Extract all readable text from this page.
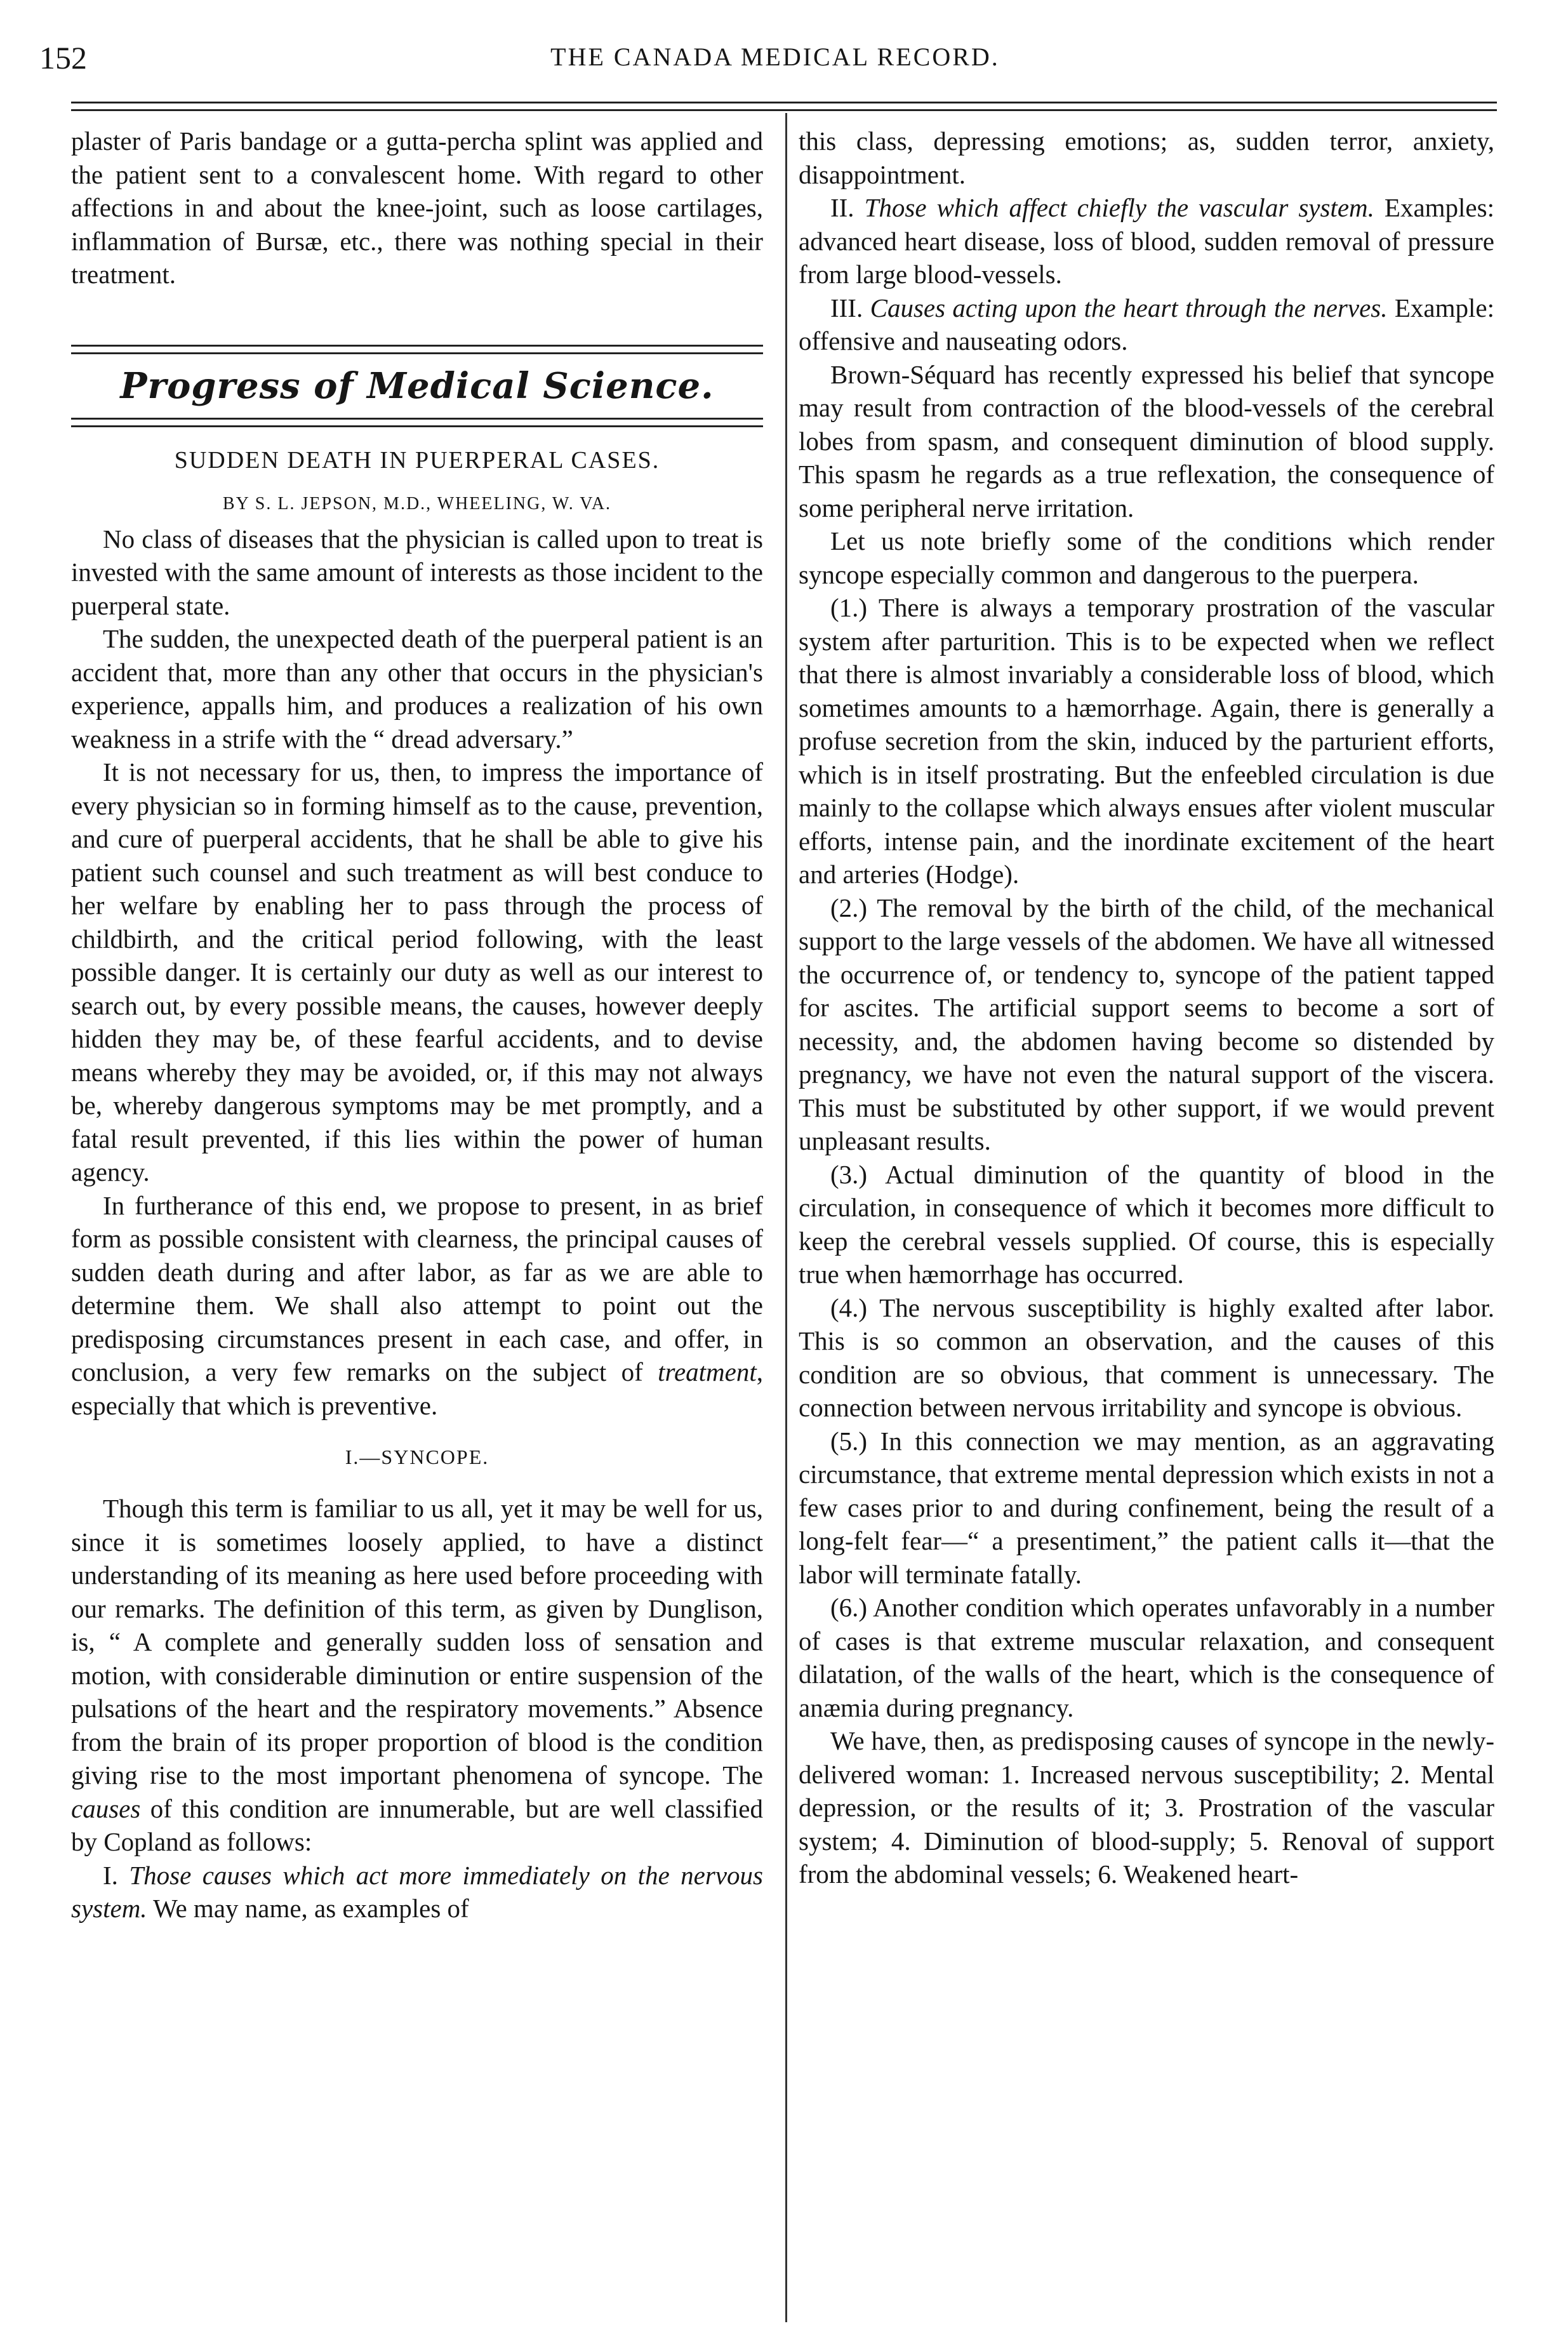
152	THE CANADA MEDICAL RECORD.

plaster of Paris bandage or a gutta-percha splint was applied and the patient sent to a convalescent home. With regard to other affections in and about the knee-joint, such as loose cartilages, inflammation of Bursæ, etc., there was nothing special in their treatment.

Progress of Medical Science.
SUDDEN DEATH IN PUERPERAL CASES.
BY S. L. JEPSON, M.D., WHEELING, W. VA.

No class of diseases that the physician is called upon to treat is invested with the same amount of interests as those incident to the puerperal state.

The sudden, the unexpected death of the puerperal patient is an accident that, more than any other that occurs in the physician's experience, appalls him, and produces a realization of his own weakness in a strife with the “ dread adversary.”

It is not necessary for us, then, to impress the importance of every physician so in forming himself as to the cause, prevention, and cure of puerperal accidents, that he shall be able to give his patient such counsel and such treatment as will best conduce to her welfare by enabling her to pass through the process of childbirth, and the critical period following, with the least possible danger. It is certainly our duty as well as our interest to search out, by every possible means, the causes, however deeply hidden they may be, of these fearful accidents, and to devise means whereby they may be avoided, or, if this may not always be, whereby dangerous symptoms may be met promptly, and a fatal result prevented, if this lies within the power of human agency.

In furtherance of this end, we propose to present, in as brief form as possible consistent with clearness, the principal causes of sudden death during and after labor, as far as we are able to determine them. We shall also attempt to point out the predisposing circumstances present in each case, and offer, in conclusion, a very few remarks on the subject of treatment, especially that which is preventive.

I.—SYNCOPE.

Though this term is familiar to us all, yet it may be well for us, since it is sometimes loosely applied, to have a distinct understanding of its meaning as here used before proceeding with our remarks. The definition of this term, as given by Dunglison, is, “ A complete and generally sudden loss of sensation and motion, with considerable diminution or entire suspension of the pulsations of the heart and the respiratory movements.” Absence from the brain of its proper proportion of blood is the condition giving rise to the most important phenomena of syncope. The causes of this condition are innumerable, but are well classified by Copland as follows:

I. Those causes which act more immediately on the nervous system. We may name, as examples of

this class, depressing emotions; as, sudden terror, anxiety, disappointment.

II. Those which affect chiefly the vascular system. Examples: advanced heart disease, loss of blood, sudden removal of pressure from large blood-vessels.

III. Causes acting upon the heart through the nerves. Example: offensive and nauseating odors.

Brown-Séquard has recently expressed his belief that syncope may result from contraction of the blood-vessels of the cerebral lobes from spasm, and consequent diminution of blood supply. This spasm he regards as a true reflexation, the consequence of some peripheral nerve irritation.

Let us note briefly some of the conditions which render syncope especially common and dangerous to the puerpera.

(1.) There is always a temporary prostration of the vascular system after parturition. This is to be expected when we reflect that there is almost invariably a considerable loss of blood, which sometimes amounts to a hæmorrhage. Again, there is generally a profuse secretion from the skin, induced by the parturient efforts, which is in itself prostrating. But the enfeebled circulation is due mainly to the collapse which always ensues after violent muscular efforts, intense pain, and the inordinate excitement of the heart and arteries (Hodge).

(2.) The removal by the birth of the child, of the mechanical support to the large vessels of the abdomen. We have all witnessed the occurrence of, or tendency to, syncope of the patient tapped for ascites. The artificial support seems to become a sort of necessity, and, the abdomen having become so distended by pregnancy, we have not even the natural support of the viscera. This must be substituted by other support, if we would prevent unpleasant results.

(3.) Actual diminution of the quantity of blood in the circulation, in consequence of which it becomes more difficult to keep the cerebral vessels supplied. Of course, this is especially true when hæmorrhage has occurred.

(4.) The nervous susceptibility is highly exalted after labor. This is so common an observation, and the causes of this condition are so obvious, that comment is unnecessary. The connection between nervous irritability and syncope is obvious.

(5.) In this connection we may mention, as an aggravating circumstance, that extreme mental depression which exists in not a few cases prior to and during confinement, being the result of a long-felt fear—“ a presentiment,” the patient calls it—that the labor will terminate fatally.

(6.) Another condition which operates unfavorably in a number of cases is that extreme muscular relaxation, and consequent dilatation, of the walls of the heart, which is the consequence of anæmia during pregnancy.

We have, then, as predisposing causes of syncope in the newly-delivered woman: 1. Increased nervous susceptibility; 2. Mental depression, or the results of it; 3. Prostration of the vascular system; 4. Diminution of blood-supply; 5. Renoval of support from the abdominal vessels; 6. Weakened heart-
